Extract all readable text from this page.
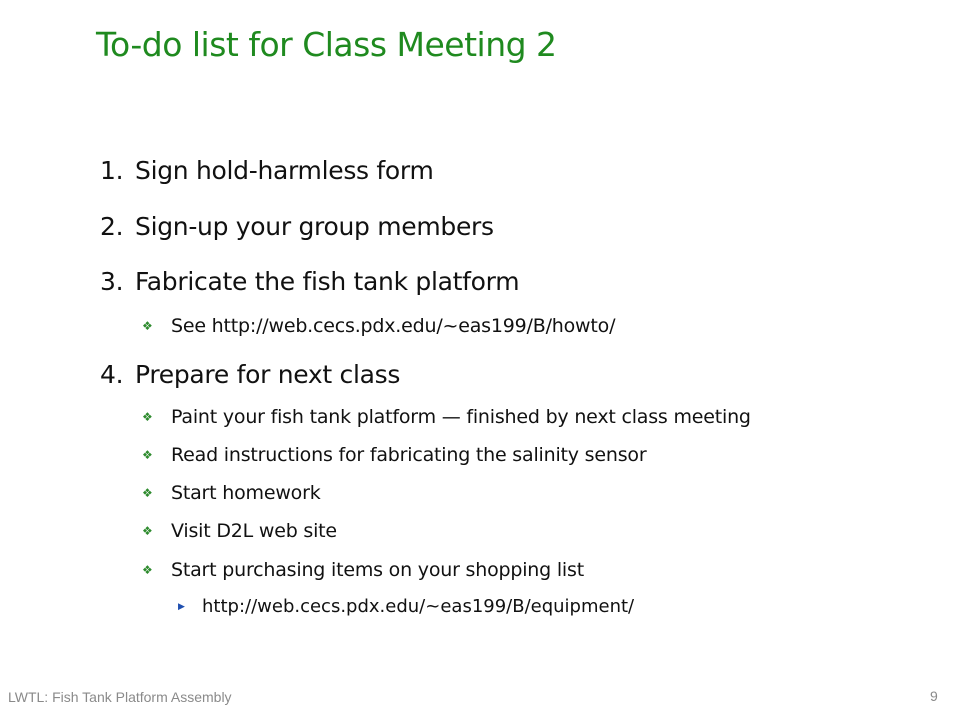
To-do list for Class Meeting 2
1. Sign hold-harmless form
2. Sign-up your group members
3. Fabricate the fish tank platform
❖ See http://web.cecs.pdx.edu/~eas199/B/howto/
4. Prepare for next class
❖ Paint your fish tank platform — finished by next class meeting
❖ Read instructions for fabricating the salinity sensor
❖ Start homework
❖ Visit D2L web site
❖ Start purchasing items on your shopping list
▶ http://web.cecs.pdx.edu/~eas199/B/equipment/
LWTL: Fish Tank Platform Assembly	9
